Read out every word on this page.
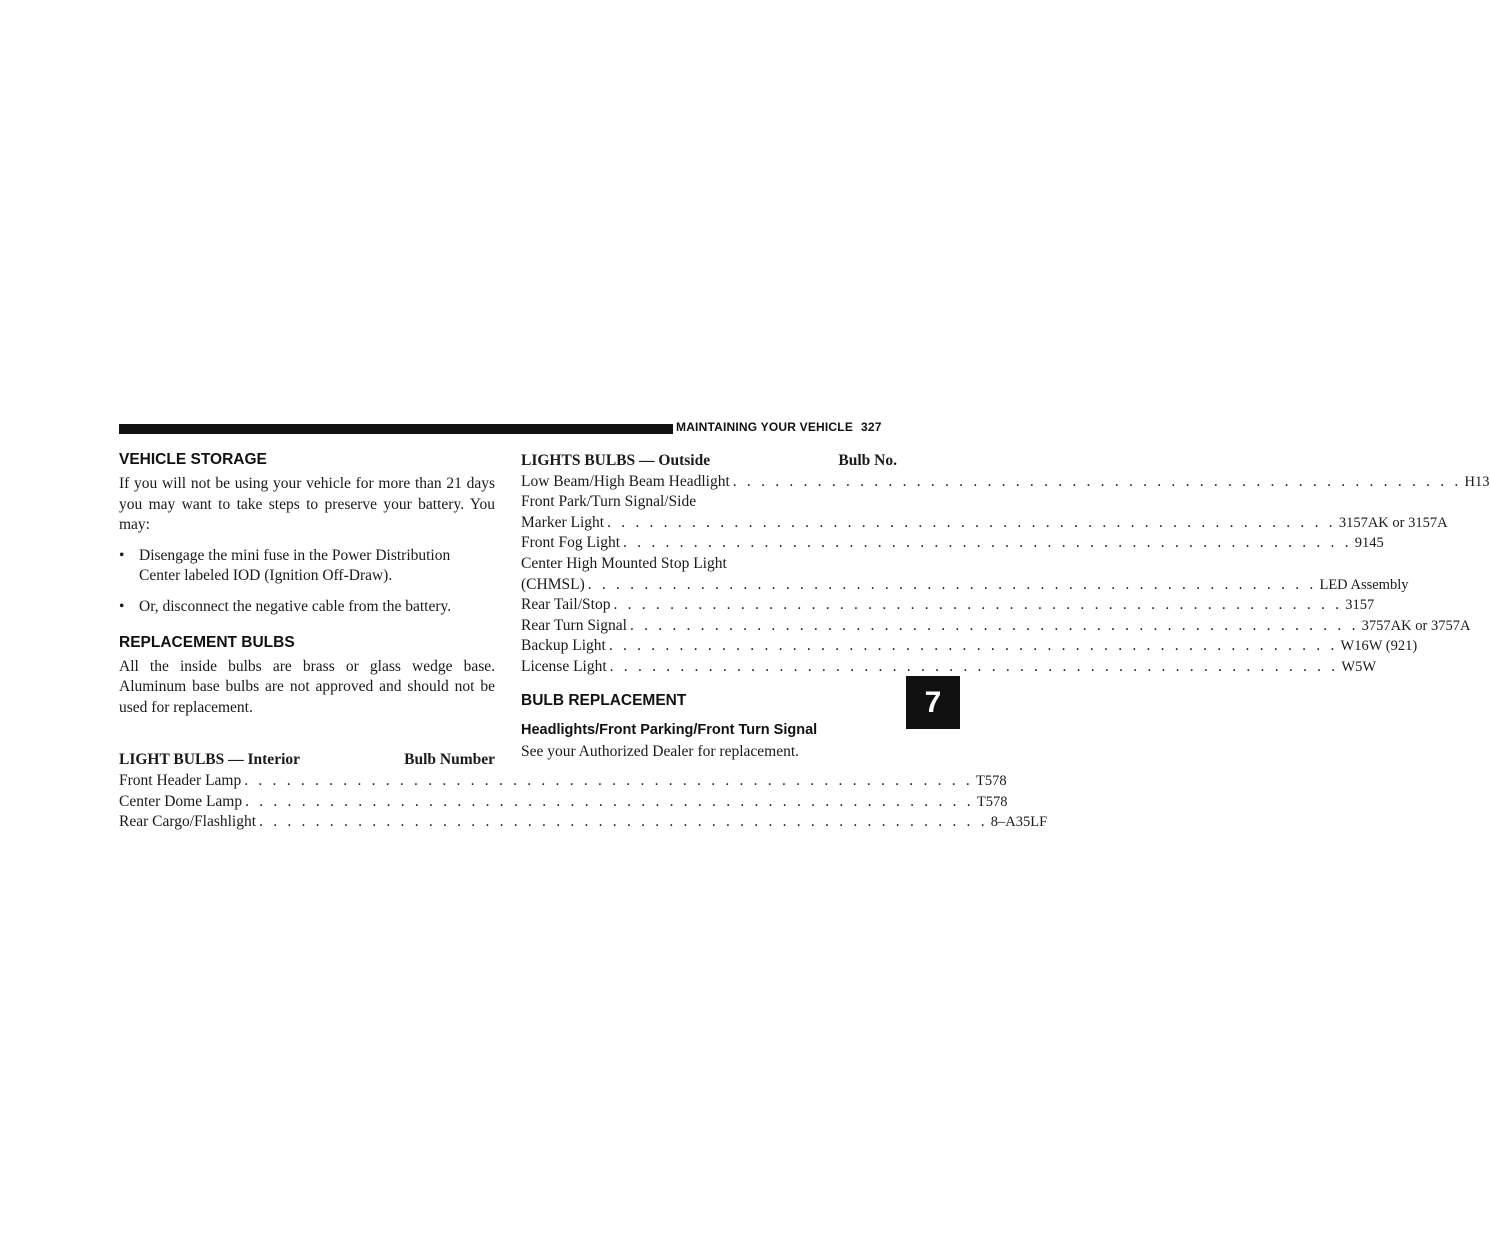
MAINTAINING YOUR VEHICLE 327
7
VEHICLE STORAGE

If you will not be using your vehicle for more than 21 days you may want to take steps to preserve your battery. You may:

• Disengage the mini fuse in the Power Distribution Center labeled IOD (Ignition Off-Draw).
• Or, disconnect the negative cable from the battery.
REPLACEMENT BULBS

All the inside bulbs are brass or glass wedge base. Aluminum base bulbs are not approved and should not be used for replacement.

LIGHT BULBS — Interior	Bulb Number
Front Header Lamp . . . . . . . . . . . . . . . . . . . . . . . . . . . . . . . . . . . . . . . . . . . . . . . . . . . . T578
Center Dome Lamp . . . . . . . . . . . . . . . . . . . . . . . . . . . . . . . . . . . . . . . . . . . . . . . . . . . . T578
Rear Cargo/Flashlight . . . . . . . . . . . . . . . . . . . . . . . . . . . . . . . . . . . . . . . . . . . . . . . . . . . . 8–A35LF
LIGHTS BULBS — Outside	Bulb No.
Low Beam/High Beam Headlight . . . . . . . . . . . . . . . . . . . . . . . . . . . . . . . . . . . . . . . . . . . . . . . . . . . . H13
Front Park/Turn Signal/Side
Marker Light . . . . . . . . . . . . . . . . . . . . . . . . . . . . . . . . . . . . . . . . . . . . . . . . . . . . 3157AK or 3157A
Front Fog Light . . . . . . . . . . . . . . . . . . . . . . . . . . . . . . . . . . . . . . . . . . . . . . . . . . . . 9145
Center High Mounted Stop Light
(CHMSL) . . . . . . . . . . . . . . . . . . . . . . . . . . . . . . . . . . . . . . . . . . . . . . . . . . . . LED Assembly
Rear Tail/Stop . . . . . . . . . . . . . . . . . . . . . . . . . . . . . . . . . . . . . . . . . . . . . . . . . . . . 3157
Rear Turn Signal . . . . . . . . . . . . . . . . . . . . . . . . . . . . . . . . . . . . . . . . . . . . . . . . . . . . 3757AK or 3757A
Backup Light . . . . . . . . . . . . . . . . . . . . . . . . . . . . . . . . . . . . . . . . . . . . . . . . . . . . W16W (921)
License Light . . . . . . . . . . . . . . . . . . . . . . . . . . . . . . . . . . . . . . . . . . . . . . . . . . . . W5W
BULB REPLACEMENT
Headlights/Front Parking/Front Turn Signal

See your Authorized Dealer for replacement.
